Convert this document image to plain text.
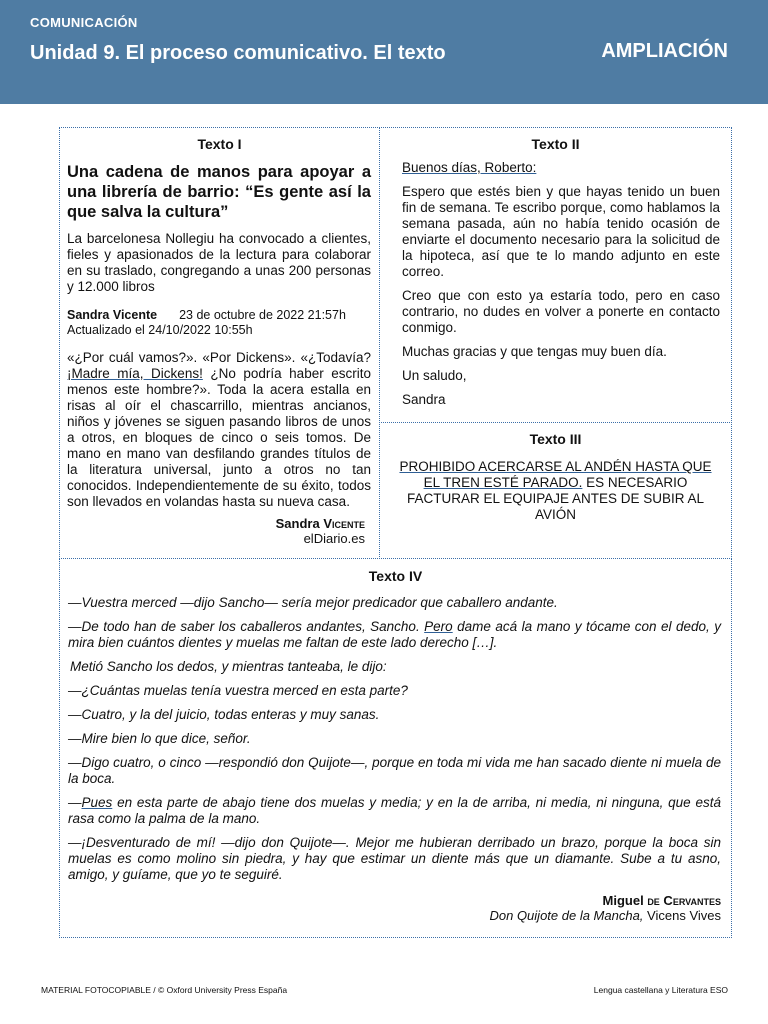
COMUNICACIÓN
Unidad 9. El proceso comunicativo. El texto	AMPLIACIÓN
Texto I
Una cadena de manos para apoyar a una librería de barrio: “Es gente así la que salva la cultura”
La barcelonesa Nollegiu ha convocado a clientes, fieles y apasionados de la lectura para colaborar en su traslado, congregando a unas 200 personas y 12.000 libros
Sandra Vicente 23 de octubre de 2022 21:57h
Actualizado el 24/10/2022 10:55h
«¿Por cuál vamos?». «Por Dickens». «¿Todavía? ¡Madre mía, Dickens! ¿No podría haber escrito menos este hombre?». Toda la acera estalla en risas al oír el chascarrillo, mientras ancianos, niños y jóvenes se siguen pasando libros de unos a otros, en bloques de cinco o seis tomos. De mano en mano van desfilando grandes títulos de la literatura universal, junto a otros no tan conocidos. Independientemente de su éxito, todos son llevados en volandas hasta su nueva casa.
Sandra Vicente
elDiario.es
Texto II
Buenos días, Roberto:
Espero que estés bien y que hayas tenido un buen fin de semana. Te escribo porque, como hablamos la semana pasada, aún no había tenido ocasión de enviarte el documento necesario para la solicitud de la hipoteca, así que te lo mando adjunto en este correo.
Creo que con esto ya estaría todo, pero en caso contrario, no dudes en volver a ponerte en contacto conmigo.
Muchas gracias y que tengas muy buen día.
Un saludo,
Sandra
Texto III
PROHIBIDO ACERCARSE AL ANDÉN HASTA QUE EL TREN ESTÉ PARADO. ES NECESARIO FACTURAR EL EQUIPAJE ANTES DE SUBIR AL AVIÓN
Texto IV
—Vuestra merced —dijo Sancho— sería mejor predicador que caballero andante.
—De todo han de saber los caballeros andantes, Sancho. Pero dame acá la mano y tócame con el dedo, y mira bien cuántos dientes y muelas me faltan de este lado derecho […].
Metió Sancho los dedos, y mientras tanteaba, le dijo:
—¿Cuántas muelas tenía vuestra merced en esta parte?
—Cuatro, y la del juicio, todas enteras y muy sanas.
—Mire bien lo que dice, señor.
—Digo cuatro, o cinco —respondió don Quijote—, porque en toda mi vida me han sacado diente ni muela de la boca.
—Pues en esta parte de abajo tiene dos muelas y media; y en la de arriba, ni media, ni ninguna, que está rasa como la palma de la mano.
—¡Desventurado de mí! —dijo don Quijote—. Mejor me hubieran derribado un brazo, porque la boca sin muelas es como molino sin piedra, y hay que estimar un diente más que un diamante. Sube a tu asno, amigo, y guíame, que yo te seguiré.
Miguel de Cervantes
Don Quijote de la Mancha, Vicens Vives
MATERIAL FOTOCOPIABLE / © Oxford University Press España	Lengua castellana y Literatura ESO
